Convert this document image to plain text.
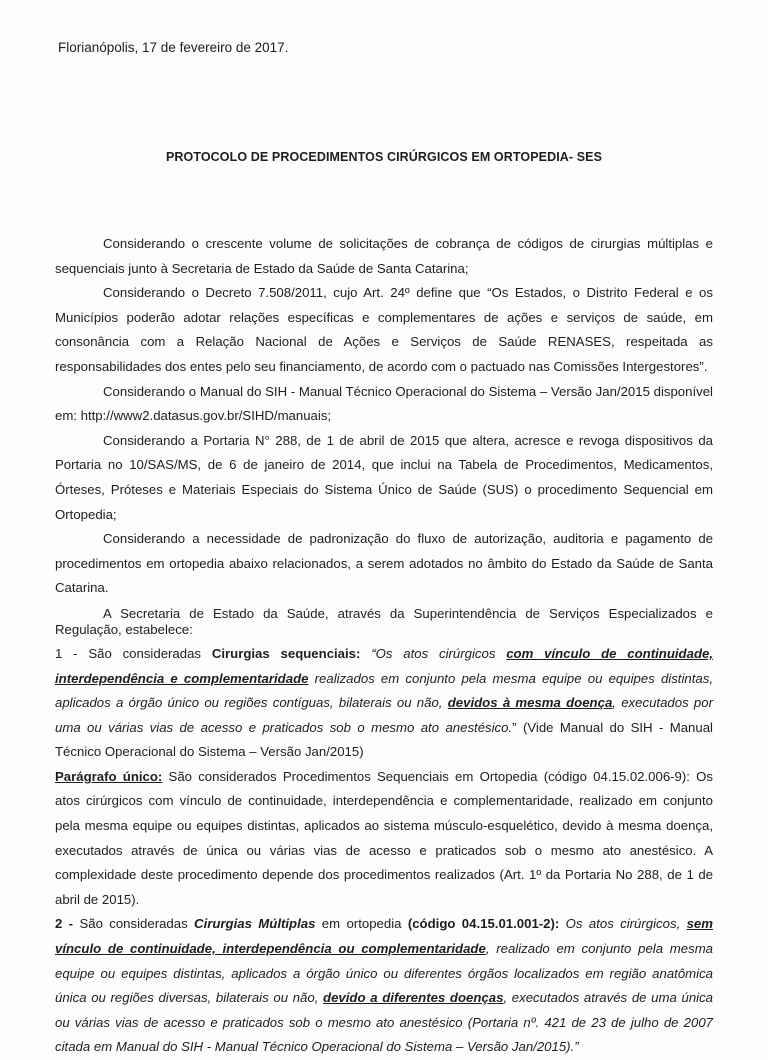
Florianópolis, 17 de fevereiro de 2017.
PROTOCOLO DE PROCEDIMENTOS CIRÚRGICOS EM ORTOPEDIA- SES

Considerando o crescente volume de solicitações de cobrança de códigos de cirurgias múltiplas e sequenciais junto à Secretaria de Estado da Saúde de Santa Catarina;

Considerando o Decreto 7.508/2011, cujo Art. 24º define que “Os Estados, o Distrito Federal e os Municípios poderão adotar relações específicas e complementares de ações e serviços de saúde, em consonância com a Relação Nacional de Ações e Serviços de Saúde RENASES, respeitada as responsabilidades dos entes pelo seu financiamento, de acordo com o pactuado nas Comissões Intergestores”.

Considerando o Manual do SIH - Manual Técnico Operacional do Sistema – Versão Jan/2015 disponível em: http://www2.datasus.gov.br/SIHD/manuais;

Considerando a Portaria N° 288, de 1 de abril de 2015 que altera, acresce e revoga dispositivos da Portaria no 10/SAS/MS, de 6 de janeiro de 2014, que inclui na Tabela de Procedimentos, Medicamentos, Órteses, Próteses e Materiais Especiais do Sistema Único de Saúde (SUS) o procedimento Sequencial em Ortopedia;

Considerando a necessidade de padronização do fluxo de autorização, auditoria e pagamento de procedimentos em ortopedia abaixo relacionados, a serem adotados no âmbito do Estado da Saúde de Santa Catarina.

A Secretaria de Estado da Saúde, através da Superintendência de Serviços Especializados e Regulação, estabelece:

1 - São consideradas Cirurgias sequenciais: “Os atos cirúrgicos com vínculo de continuidade, interdependência e complementaridade realizados em conjunto pela mesma equipe ou equipes distintas, aplicados a órgão único ou regiões contíguas, bilaterais ou não, devidos à mesma doença, executados por uma ou várias vias de acesso e praticados sob o mesmo ato anestésico.” (Vide Manual do SIH - Manual Técnico Operacional do Sistema – Versão Jan/2015)

Parágrafo único: São considerados Procedimentos Sequenciais em Ortopedia (código 04.15.02.006-9): Os atos cirúrgicos com vínculo de continuidade, interdependência e complementaridade, realizado em conjunto pela mesma equipe ou equipes distintas, aplicados ao sistema músculo-esquelético, devido à mesma doença, executados através de única ou várias vias de acesso e praticados sob o mesmo ato anestésico. A complexidade deste procedimento depende dos procedimentos realizados (Art. 1º da Portaria No 288, de 1 de abril de 2015).

2 - São consideradas Cirurgias Múltiplas em ortopedia (código 04.15.01.001-2): Os atos cirúrgicos, sem vínculo de continuidade, interdependência ou complementaridade, realizado em conjunto pela mesma equipe ou equipes distintas, aplicados a órgão único ou diferentes órgãos localizados em região anatômica única ou regiões diversas, bilaterais ou não, devido a diferentes doenças, executados através de uma única ou várias vias de acesso e praticados sob o mesmo ato anestésico (Portaria nº. 421 de 23 de julho de 2007 citada em Manual do SIH - Manual Técnico Operacional do Sistema – Versão Jan/2015).”
